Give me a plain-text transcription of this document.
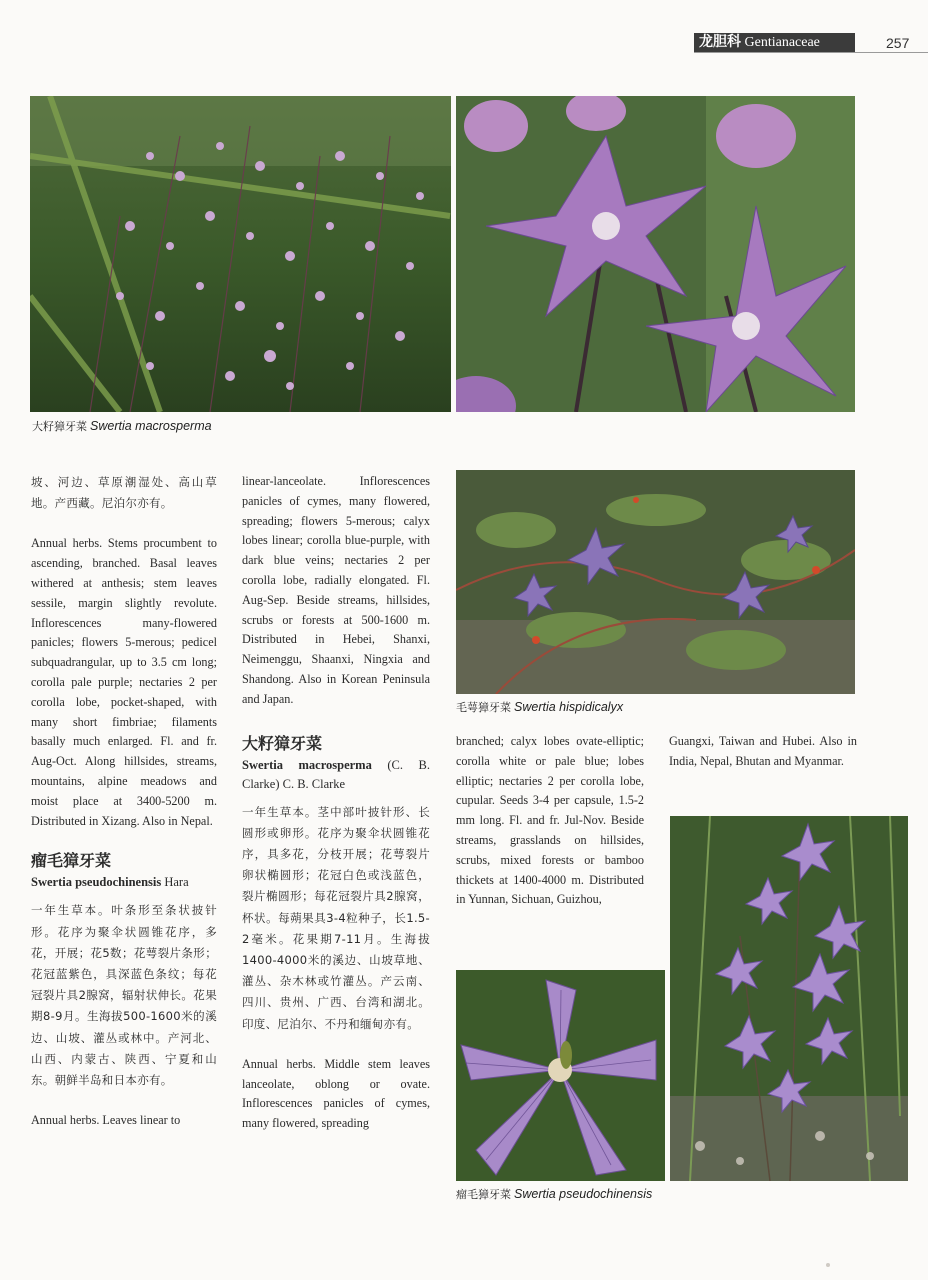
龙胆科 Gentianaceae	257
大籽獐牙菜 Swertia macrosperma

坡、河边、草原潮湿处、高山草地。产西藏。尼泊尔亦有。

Annual herbs. Stems procumbent to ascending, branched. Basal leaves withered at anthesis; stem leaves sessile, margin slightly revolute. Inflorescences many-flowered panicles; flowers 5-merous; pedicel subquadrangular, up to 3.5 cm long; corolla pale purple; nectaries 2 per corolla lobe, pocket-shaped, with many short fimbriae; filaments basally much enlarged. Fl. and fr. Aug-Oct. Along hillsides, streams, mountains, alpine meadows and moist place at 3400-5200 m. Distributed in Xizang. Also in Nepal.

瘤毛獐牙菜
Swertia pseudochinensis Hara

一年生草本。叶条形至条状披针形。花序为聚伞状圆锥花序，多花，开展；花5数；花萼裂片条形；花冠蓝紫色，具深蓝色条纹；每花冠裂片具2腺窝，辐射状伸长。花果期8-9月。生海拔500-1600米的溪边、山坡、灌丛或林中。产河北、山西、内蒙古、陕西、宁夏和山东。朝鲜半岛和日本亦有。

Annual herbs. Leaves linear to

linear-lanceolate. Inflorescences panicles of cymes, many flowered, spreading; flowers 5-merous; calyx lobes linear; corolla blue-purple, with dark blue veins; nectaries 2 per corolla lobe, radially elongated. Fl. Aug-Sep. Beside streams, hillsides, scrubs or forests at 500-1600 m. Distributed in Hebei, Shanxi, Neimenggu, Shaanxi, Ningxia and Shandong. Also in Korean Peninsula and Japan.

大籽獐牙菜
Swertia macrosperma (C. B. Clarke) C. B. Clarke

一年生草本。茎中部叶披针形、长圆形或卵形。花序为聚伞状圆锥花序，具多花，分枝开展；花萼裂片卵状椭圆形；花冠白色或浅蓝色，裂片椭圆形；每花冠裂片具2腺窝，杯状。每蒴果具3-4粒种子，长1.5-2毫米。花果期7-11月。生海拔1400-4000米的溪边、山坡草地、灌丛、杂木林或竹灌丛。产云南、四川、贵州、广西、台湾和湖北。印度、尼泊尔、不丹和缅甸亦有。

Annual herbs. Middle stem leaves lanceolate, oblong or ovate. Inflorescences panicles of cymes, many flowered, spreading

毛萼獐牙菜 Swertia hispidicalyx

branched; calyx lobes ovate-elliptic; corolla white or pale blue; lobes elliptic; nectaries 2 per corolla lobe, cupular. Seeds 3-4 per capsule, 1.5-2 mm long. Fl. and fr. Jul-Nov. Beside streams, grasslands on hillsides, scrubs, mixed forests or bamboo thickets at 1400-4000 m. Distributed in Yunnan, Sichuan, Guizhou,

Guangxi, Taiwan and Hubei. Also in India, Nepal, Bhutan and Myanmar.

瘤毛獐牙菜 Swertia pseudochinensis
